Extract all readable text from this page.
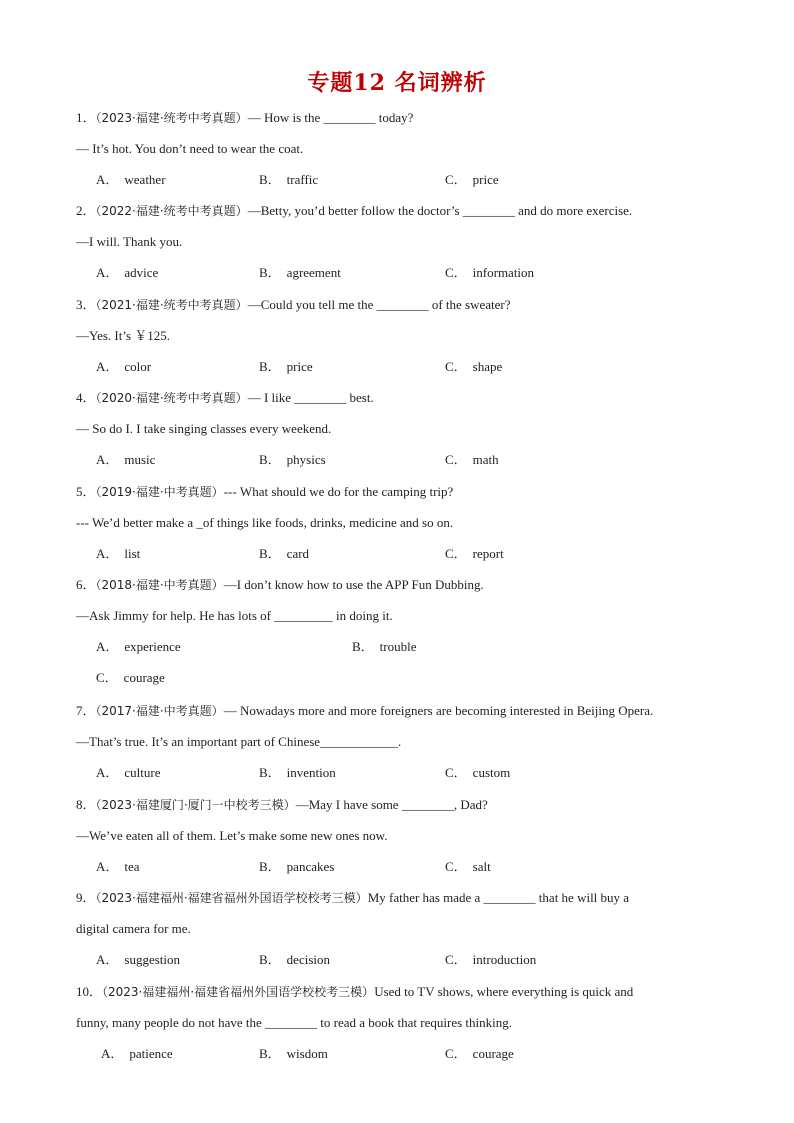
专题12 名词辨析
1．（2023·福建·统考中考真题）— How is the ________ today?
— It’s hot. You don’t need to wear the coat.
A． weather	B． traffic	C． price
2．（2022·福建·统考中考真题）—Betty, you’d better follow the doctor’s ________ and do more exercise.
—I will. Thank you.
A． advice	B． agreement	C． information
3．（2021·福建·统考中考真题）—Could you tell me the ________ of the sweater?
—Yes. It’s ￥125.
A． color	B． price	C． shape
4．（2020·福建·统考中考真题）— I like ________ best.
— So do I. I take singing classes every weekend.
A． music	B． physics	C． math
5．（2019·福建·中考真题）--- What should we do for the camping trip?
--- We’d better make a _of things like foods, drinks, medicine and so on.
A． list	B． card	C． report
6．（2018·福建·中考真题）—I don’t know how to use the APP Fun Dubbing.
—Ask Jimmy for help. He has lots of _________ in doing it.
A． experience	B． trouble
C． courage
7．（2017·福建·中考真题）— Nowadays more and more foreigners are becoming interested in Beijing Opera.
—That’s true. It’s an important part of Chinese____________.
A． culture	B． invention	C． custom
8．（2023·福建厦门·厦门一中校考三模）—May I have some ________, Dad?
—We’ve eaten all of them. Let’s make some new ones now.
A． tea	B． pancakes	C． salt
9．（2023·福建福州·福建省福州外国语学校校考三模）My father has made a ________ that he will buy a
digital camera for me.
A． suggestion	B． decision	C． introduction
10．（2023·福建福州·福建省福州外国语学校校考三模）Used to TV shows, where everything is quick and
funny, many people do not have the ________ to read a book that requires thinking.
A． patience	B． wisdom	C． courage
